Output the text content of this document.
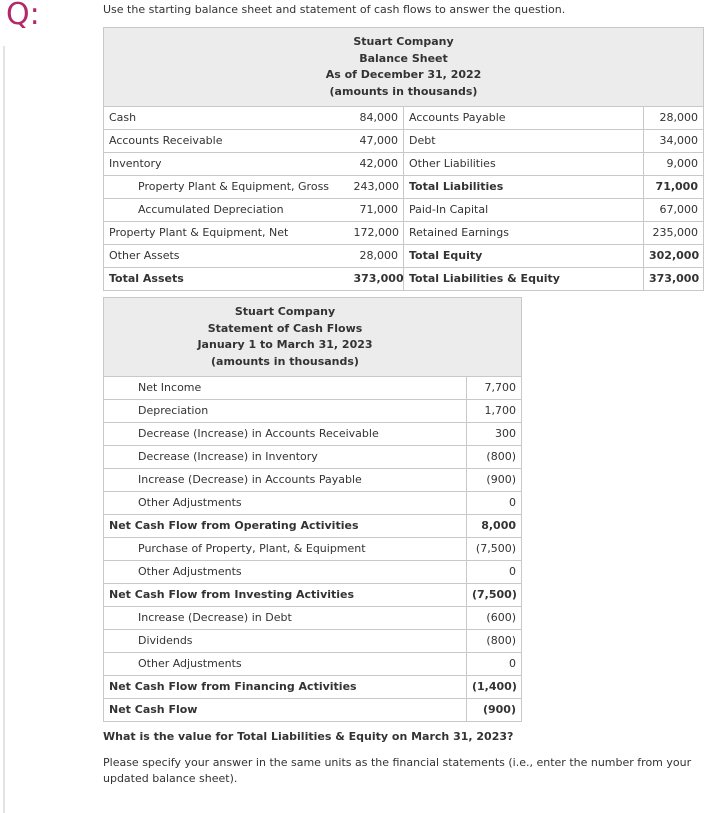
Q:	Use the starting balance sheet and statement of cash flows to answer the question.
Stuart Company
Balance Sheet
As of December 31, 2022
(amounts in thousands)			

Cash	84,000	Accounts Payable	28,000
Accounts Receivable	47,000	Debt	34,000
Inventory	42,000	Other Liabilities	9,000
Property Plant & Equipment, Gross	243,000	Total Liabilities	71,000
Accumulated Depreciation	71,000	Paid-In Capital	67,000
Property Plant & Equipment, Net	172,000	Retained Earnings	235,000
Other Assets	28,000	Total Equity	302,000
Total Assets	373,000	Total Liabilities & Equity	373,000
Stuart Company
Statement of Cash Flows
January 1 to March 31, 2023
(amounts in thousands)	

Net Income	7,700
Depreciation	1,700
Decrease (Increase) in Accounts Receivable	300
Decrease (Increase) in Inventory	(800)
Increase (Decrease) in Accounts Payable	(900)
Other Adjustments	0
Net Cash Flow from Operating Activities	8,000
Purchase of Property, Plant, & Equipment	(7,500)
Other Adjustments	0
Net Cash Flow from Investing Activities	(7,500)
Increase (Decrease) in Debt	(600)
Dividends	(800)
Other Adjustments	0
Net Cash Flow from Financing Activities	(1,400)
Net Cash Flow	(900)
What is the value for Total Liabilities & Equity on March 31, 2023?
Please specify your answer in the same units as the financial statements (i.e., enter the number from your updated balance sheet).
